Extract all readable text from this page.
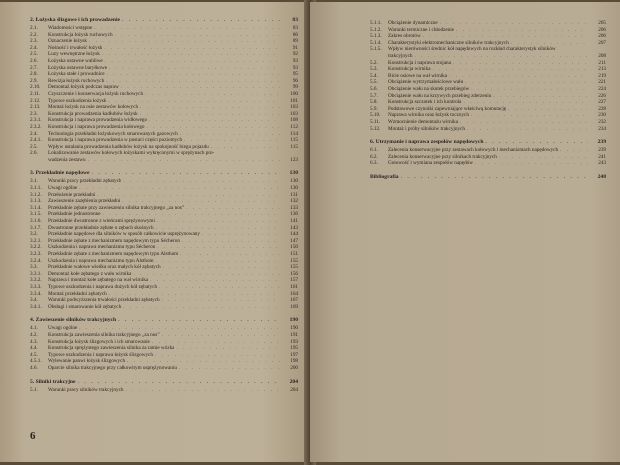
2. Łożyska ślizgowe i ich prowadzenie . . .	83
2.1.	Wiadomości wstępne . . .	83
2.2.	Konstrukcja łożysk ruchowych . . .	86
2.3.	Oznaczenie łożysk . . .	89
2.4.	Nośność i trwałość łożysk . . .	91
2.5.	Luzy wewnętrzne łożysk . . .	92
2.6.	Łożyska ustawne wahliwe . . .	93
2.7.	Łożyska ustawne baryłkowe . . .	93
2.8.	Łożyska stałe i prowadnice . . .	95
2.9.	Rewizja łożysk ruchowych . . .	96
2.10.	Demontaż łożysk podczas napraw . . .	99
2.11.	Czyszczenie i konserwacja łożysk ruchowych . . .	100
2.12.	Typowe uszkodzenia łożysk . . .	101
2.13.	Montaż łożysk na osie zestawów kołowych . . .	103
2.3.	Konstrukcja prowadzenia kadłubów łożysk . . .	103
2.3.1.	Konstrukcja i naprawa prowadzenia widłowego . . .	108
2.3.2.	Konstrukcja i naprawa prowadzenia kołowego . . .	112
2.4.	Technologia przekładni łożyskowych smarowanych gazowych . . .	114
2.4.1.	Konstrukcja i naprawa prowadzenia w postaci części poziomych . . .	115
2.5.	Wpływ ustalania prowadzenia kadłubów łożysk na spokojność biegu pojazdu . . .	115
2.6.	Lokalizowanie zestawów kołowych łożyskami wykręconymi w sprężynach pro-
wadzenia zestawu . . .	123
3. Przekładnie napędowe . . .	130
3.1.	Warunki pracy przekładni zębatych . . .	130
3.1.1.	Uwagi ogólne . . .	130
3.1.2.	Przełożenie przekładni . . .	131
3.1.3.	Zawieszenie zazębienia przekładni . . .	132
3.1.4.	Przekładnie zębate przy zawieszeniu silnika trakcyjnego „za nos” . . .	133
3.1.5.	Przekładnie jednostronne . . .	136
3.1.6.	Przekładnie dwustronne z wieńcami sprężynowymi . . .	141
3.1.7.	Dwustronne przekładnie zębate o zębach skośnych . . .	143
3.2.	Przekładnie napędowe dla silników w sposób całkowicie usprężynowany . . .	144
3.2.1.	Przekładnie zębate z mechanizmem napędowym typu Sécheron . . .	147
3.2.2.	Uszkodzenia i naprawa mechanizmu typu Sécheron . . .	150
3.2.3.	Przekładnie zębate z mechanizmem napędowym typu Alsthom . . .	151
3.2.4.	Uszkodzenia i naprawa mechanizmu typu Alsthom . . .	155
3.3.	Przekładnie wałowe wieńka oraz małych kół zębatych . . .	155
3.3.1.	Demontaż kołe zębatego z wału wirnika . . .	156
3.3.2.	Naprawa i montaż kołe zębatego na wał wirnika . . .	157
3.3.3.	Typowe uszkodzenia i naprawa dużych kół zębatych . . .	161
3.3.4.	Montaż przekładni zębatych . . .	164
3.4.	Warunki podwyższenia trwałości przekładni zębatych . . .	167
3.4.1.	Obsługi i smarowanie kół zębatych . . .	169
4. Zawieszenie silników trakcyjnych . . .	190
4.1.	Uwagi ogólne . . .	190
4.2.	Konstrukcja zawieszenia silnika trakcyjnego „za nos” . . .	191
4.3.	Konstrukcja łożysk ślizgowych i ich smarowanie . . .	193
4.4.	Konstrukcja sprężystego zawieszenia silnika za ramie wózka . . .	195
4.5.	Typowe uszkodzenia i naprawa łożysk ślizgowych . . .	197
4.5.1.	Wylewanie panwi łożysk ślizgowych . . .	198
4.6.	Oparcie silnika trakcyjnego przy całkowitym usprężynowaniu . . .	200
5. Silniki trakcyjne . . .	204
5.1.	Warunki pracy silników trakcyjnych . . .	204
6
5.1.1.	Obciążenie dynamiczne . . .	205
5.1.2.	Warunki termiczne i chłodzenie . . .	206
5.1.3.	Zakres obrotów . . .	206
5.1.4.	Charakterystyki elektromechaniczne silników trakcyjnych . . .	207
5.1.5.	Wpływ nierówności średnic kół napędowych na rozkład charakterystyk silników
trakcyjnych . . .	208
5.2.	Konstrukcja i naprawa stojana . . .	211
5.3.	Konstrukcja wirnika . . .	213
5.4.	Bicie osiowe na wał wirnika . . .	219
5.5.	Obciążenie wytrzymałościowe wału . . .	221
5.6.	Obciążenie wału na skutek przebiegów . . .	224
5.7.	Obciążenie wału na krzywych przebieg zderzeniu . . .	226
5.8.	Konstrukcja szczotek i ich kontrola . . .	227
5.9.	Podstawowe czynniki zapewniające właściwą komutację . . .	228
5.10.	Naprawa wirnika oraz łożysk tocznych . . .	230
5.11.	Wzmocnienie demontażu wirnika . . .	232
5.12.	Montaż i próby silników trakcyjnych . . .	234
6. Utrzymanie i naprawa zespołów napędowych . . .	239
6.1.	Zalecenia konserwacyjne przy zestawach kołowych i mechanizmach napędowych . . .	239
6.2.	Zalecenia konserwacyjne przy silnikach trakcyjnych . . .	241
6.3.	Gotowość i wymiana zespołów napędów . . .	243
Bibliografia . . .	248
